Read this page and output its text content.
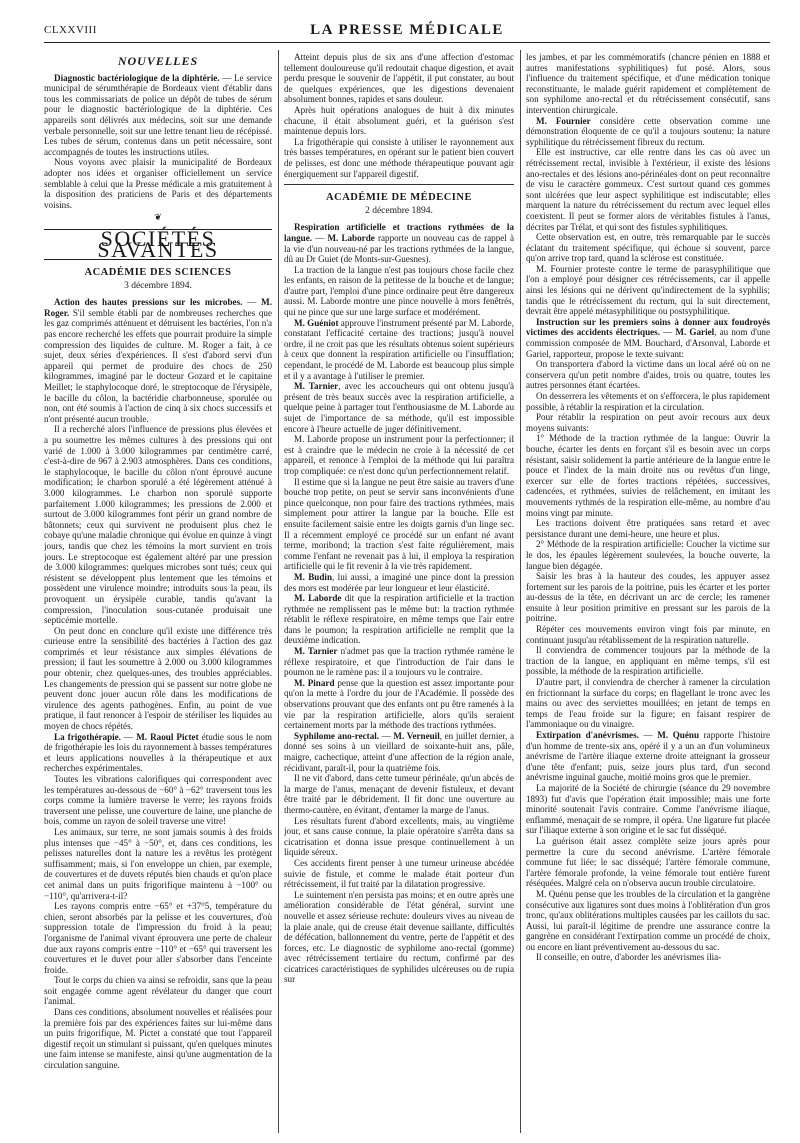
CLXXVIII	LA PRESSE MÉDICALE
NOUVELLES

Diagnostic bactériologique de la diphtérie. — Le service municipal de sérumthérapie de Bordeaux vient d'établir dans tous les commissariats de police un dépôt de tubes de sérum pour le diagnostic bactériologique de la diphtérie. Ces appareils sont délivrés aux médecins, soit sur une demande verbale personnelle, soit sur une lettre tenant lieu de récépissé. Les tubes de sérum, contenus dans un petit nécessaire, sont accompagnés de toutes les instructions utiles.

Nous voyons avec plaisir la municipalité de Bordeaux adopter nos idées et organiser officiellement un service semblable à celui que la Presse médicale a mis gratuitement à la disposition des praticiens de Paris et des départements voisins.

❦
SOCIÉTÉS SAVANTES
ACADÉMIE DES SCIENCES
3 décembre 1894.

Action des hautes pressions sur les microbes. — M. Roger. S'il semble établi par de nombreuses recherches que les gaz comprimés atténuent et détruisent les bactéries, l'on n'a pas encore recherché les effets que pourrait produire la simple compression des liquides de culture. M. Roger a fait, à ce sujet, deux séries d'expériences. Il s'est d'abord servi d'un appareil qui permet de produire des chocs de 250 kilogrammes, imaginé par le docteur Gozard et le capitaine Meillet; le staphylocoque doré, le streptocoque de l'érysipèle, le bacille du côlon, la bactéridie charbonneuse, sporulée ou non, ont été soumis à l'action de cinq à six chocs successifs et n'ont présenté aucun trouble.

Il a recherché alors l'influence de pressions plus élevées et a pu soumettre les mêmes cultures à des pressions qui ont varié de 1.000 à 3.000 kilogrammes par centimètre carré, c'est-à-dire de 967 à 2.903 atmosphères. Dans ces conditions, le staphylocoque, le bacille du côlon n'ont éprouvé aucune modification; le charbon sporulé a été légèrement atténué à 3.000 kilogrammes. Le charbon non sporulé supporte parfaitement 1.000 kilogrammes; les pressions de 2.000 et surtout de 3.000 kilogrammes font périr un grand nombre de bâtonnets; ceux qui survivent ne produisent plus chez le cobaye qu'une maladie chronique qui évolue en quinze à vingt jours, tandis que chez les témoins la mort survient en trois jours. Le streptocoque est également altéré par une pression de 3.000 kilogrammes: quelques microbes sont tués; ceux qui résistent se développent plus lentement que les témoins et possèdent une virulence moindre; introduits sous la peau, ils provoquent un érysipèle curable, tandis qu'avant la compression, l'inoculation sous-cutanée produisait une septicémie mortelle.

On peut donc en conclure qu'il existe une différence très curieuse entre la sensibilité des bactéries à l'action des gaz comprimés et leur résistance aux simples élévations de pression; il faut les soumettre à 2.000 ou 3.000 kilogrammes pour obtenir, chez quelques-unes, des troubles appréciables. Les changements de pression qui se passent sur notre globe ne peuvent donc jouer aucun rôle dans les modifications de virulence des agents pathogènes. Enfin, au point de vue pratique, il faut renoncer à l'espoir de stériliser les liquides au moyen de chocs répétés.

La frigothérapie. — M. Raoul Pictet étudie sous le nom de frigothérapie les lois du rayonnement à basses températures et leurs applications nouvelles à la thérapeutique et aux recherches expérimentales.

Toutes les vibrations calorifiques qui correspondent avec les températures au-dessous de −60° à −62° traversent tous les corps comme la lumière traverse le verre; les rayons froids traversent une pelisse, une couverture de laine, une planche de bois, comme un rayon de soleil traverse une vitre!

Les animaux, sur terre, ne sont jamais soumis à des froids plus intenses que −45° à −50°, et, dans ces conditions, les pelisses naturelles dont la nature les a revêtus les protègent suffisamment; mais, si l'on enveloppe un chien, par exemple, de couvertures et de duvets réputés bien chauds et qu'on place cet animal dans un puits frigorifique maintenu à −100° ou −110°, qu'arrivera-t-il?

Les rayons compris entre −65° et +37°5, température du chien, seront absorbés par la pelisse et les couvertures, d'où suppression totale de l'impression du froid à la peau; l'organisme de l'animal vivant éprouvera une perte de chaleur due aux rayons compris entre −110° et −65° qui traversent les couvertures et le duvet pour aller s'absorber dans l'enceinte froide.

Tout le corps du chien va ainsi se refroidir, sans que la peau soit engagée comme agent révélateur du danger que court l'animal.

Dans ces conditions, absolument nouvelles et réalisées pour la première fois par des expériences faites sur lui-même dans un puits frigorifique, M. Pictet a constaté que tout l'appareil digestif reçoit un stimulant si puissant, qu'en quelques minutes une faim intense se manifeste, ainsi qu'une augmentation de la circulation sanguine.

Atteint depuis plus de six ans d'une affection d'estomac tellement douloureuse qu'il redoutait chaque digestion, et avait perdu presque le souvenir de l'appétit, il put constater, au bout de quelques expériences, que les digestions devenaient absolument bonnes, rapides et sans douleur.

Après huit opérations analogues de huit à dix minutes chacune, il était absolument guéri, et la guérison s'est maintenue depuis lors.

La frigothérapie qui consiste à utiliser le rayonnement aux très basses températures, en opérant sur le patient bien couvert de pelisses, est donc une méthode thérapeutique pouvant agir énergiquement sur l'appareil digestif.

ACADÉMIE DE MÉDECINE
2 décembre 1894.

Respiration artificielle et tractions rythmées de la langue. — M. Laborde rapporte un nouveau cas de rappel à la vie d'un nouveau-né par les tractions rythmées de la langue, dû au Dr Guiet (de Monts-sur-Guesnes).

La traction de la langue n'est pas toujours chose facile chez les enfants, en raison de la petitesse de la bouche et de langue; d'autre part, l'emploi d'une pince ordinaire peut être dangereux aussi. M. Laborde montre une pince nouvelle à mors fenêtrés, qui ne pince que sur une large surface et modérément.

M. Guéniot approuve l'instrument présenté par M. Laborde, constatant l'efficacité certaine des tractions; jusqu'à nouvel ordre, il ne croit pas que les résultats obtenus soient supérieurs à ceux que donnent la respiration artificielle ou l'insufflation; cependant, le procédé de M. Laborde est beaucoup plus simple et il y a avantage à l'utiliser le premier.

M. Tarnier, avec les accoucheurs qui ont obtenu jusqu'à présent de très beaux succès avec la respiration artificielle, a quelque peine à partager tout l'enthousiasme de M. Laborde au sujet de l'importance de sa méthode, qu'il est impossible encore à l'heure actuelle de juger définitivement.

M. Laborde propose un instrument pour la perfectionner; il est à craindre que le médecin ne croie à la nécessité de cet appareil, et renonce à l'emploi de la méthode qui lui paraîtra trop compliquée: ce n'est donc qu'un perfectionnement relatif.

Il estime que si la langue ne peut être saisie au travers d'une bouche trop petite, on peut se servir sans inconvénients d'une pince quelconque, non pour faire des tractions rythmées, mais simplement pour attirer la langue par la bouche. Elle est ensuite facilement saisie entre les doigts garnis d'un linge sec. Il a récemment employé ce procédé sur un enfant né avant terme, moribond; la traction s'est faite régulièrement, mais comme l'enfant ne revenait pas à lui, il employa la respiration artificielle qui le fit revenir à la vie très rapidement.

M. Budin, lui aussi, a imaginé une pince dont la pression des mors est modérée par leur longueur et leur élasticité.

M. Laborde dit que la respiration artificielle et la traction rythmée ne remplissent pas le même but: la traction rythmée rétablit le réflexe respiratoire, en même temps que l'air entre dans le poumon; la respiration artificielle ne remplit que la deuxième indication.

M. Tarnier n'admet pas que la traction rythmée ramène le réflexe respiratoire, et que l'introduction de l'air dans le poumon ne le ramène pas: il a toujours vu le contraire.

M. Pinard pense que la question est assez importante pour qu'on la mette à l'ordre du jour de l'Académie. Il possède des observations prouvant que des enfants ont pu être ramenés à la vie par la respiration artificielle, alors qu'ils seraient certainement morts par la méthode des tractions rythmées.

Syphilome ano-rectal. — M. Verneuil, en juillet dernier, a donné ses soins à un vieillard de soixante-huit ans, pâle, maigre, cachectique, atteint d'une affection de la région anale, récidivant, paraît-il, pour la quatrième fois.

Il ne vit d'abord, dans cette tumeur périnéale, qu'un abcès de la marge de l'anus, menaçant de devenir fistuleux, et devant être traité par le débridement. Il fit donc une ouverture au thermo-cautère, en évitant, d'entamer la marge de l'anus.

Les résultats furent d'abord excellents, mais, au vingtième jour, et sans cause connue, la plaie opératoire s'arrêta dans sa cicatrisation et donna issue presque continuellement à un liquide séreux.

Ces accidents firent penser à une tumeur urineuse abcédée suivie de fistule, et comme le malade était porteur d'un rétrécissement, il fut traité par la dilatation progressive.

Le suintement n'en persista pas moins; et en outre après une amélioration considérable de l'état général, survint une nouvelle et assez sérieuse rechute: douleurs vives au niveau de la plaie anale, qui de creuse était devenue saillante, difficultés de défécation, ballonnement du ventre, perte de l'appétit et des forces, etc. Le diagnostic de syphilome ano-rectal (gomme) avec rétrécissement tertiaire du rectum, confirmé par des cicatrices caractéristiques de syphilides ulcéreuses ou de rupia sur

les jambes, et par les commémoratifs (chancre pénien en 1888 et autres manifestations syphilitiques) fut posé. Alors, sous l'influence du traitement spécifique, et d'une médication tonique reconstituante, le malade guérit rapidement et complètement de son syphilome ano-rectal et du rétrécissement consécutif, sans intervention chirurgicale.

M. Fournier considère cette observation comme une démonstration éloquente de ce qu'il a toujours soutenu: la nature syphilitique du rétrécissement fibreux du rectum.

Elle est instructive, car elle rentre dans les cas où avec un rétrécissement rectal, invisible à l'extérieur, il existe des lésions ano-rectales et des lésions ano-périnéales dont on peut reconnaître de visu le caractère gommeux. C'est surtout quand ces gommes sont ulcérées que leur aspect syphilitique est indiscutable; elles marquent la nature du rétrécissement du rectum avec lequel elles coexistent. Il peut se former alors de véritables fistules à l'anus, décrites par Trélat, et qui sont des fistules syphilitiques.

Cette observation est, en outre, très remarquable par le succès éclatant du traitement spécifique, qui échoue si souvent, parce qu'on arrive trop tard, quand la sclérose est constituée.

M. Fournier proteste contre le terme de parasyphilitique que l'on a employé pour désigner ces rétrécissements, car il appelle ainsi les lésions qui ne dérivent qu'indirectement de la syphilis; tandis que le rétrécissement du rectum, qui la suit directement, devrait être appelé métasyphilitique ou postsyphilitique.

Instruction sur les premiers soins à donner aux foudroyés victimes des accidents électriques. — M. Gariel, au nom d'une commission composée de MM. Bouchard, d'Arsonval, Laborde et Gariel, rapporteur, propose le texte suivant:

On transportera d'abord la victime dans un local aéré où on ne conservera qu'un petit nombre d'aides, trois ou quatre, toutes les autres personnes étant écartées.

On desserrera les vêtements et on s'efforcera, le plus rapidement possible, à rétablir la respiration et la circulation.

Pour rétablir la respiration on peut avoir recours aux deux moyens suivants:

1° Méthode de la traction rythmée de la langue: Ouvrir la bouche, écarter les dents en forçant s'il es besoin avec un corps résistant, saisir solidement la partie antérieure de la langue entre le pouce et l'index de la main droite nus ou revêtus d'un linge, exercer sur elle de fortes tractions répétées, successives, cadencées, et rythmées, suivies de relâchement, en imitant les mouvements rythmés de la respiration elle-même, au nombre d'au moins vingt par minute.

Les tractions doivent être pratiquées sans retard et avec persistance durant une demi-heure, une heure et plus.

2° Méthode de la respiration artificielle: Coucher la victime sur le dos, les épaules légèrement soulevées, la bouche ouverte, la langue bien dégagée.

Saisir les bras à la hauteur des coudes, les appuyer assez fortement sur les parois de la poitrine, puis les écarter et les porter au-dessus de la tête, en décrivant un arc de cercle; les ramener ensuite à leur position primitive en pressant sur les parois de la poitrine.

Répéter ces mouvements environ vingt fois par minute, en continuant jusqu'au rétablissement de la respiration naturelle.

Il conviendra de commencer toujours par la méthode de la traction de la langue, en appliquant en même temps, s'il est possible, la méthode de la respiration artificielle.

D'autre part, il conviendra de chercher à ramener la circulation en frictionnant la surface du corps; en flagellant le tronc avec les mains ou avec des serviettes mouillées; en jetant de temps en temps de l'eau froide sur la figure; en faisant respirer de l'ammoniaque ou du vinaigre.

Extirpation d'anévrismes. — M. Quénu rapporte l'histoire d'un homme de trente-six ans, opéré il y a un an d'un volumineux anévrisme de l'artère iliaque externe droite atteignant la grosseur d'une tête d'enfant; puis, seize jours plus tard, d'un second anévrisme inguinal gauche, moitié moins gros que le premier.

La majorité de la Société de chirurgie (séance du 29 novembre 1893) fut d'avis que l'opération était impossible; mais une forte minorité soutenait l'avis contraire. Comme l'anévrisme iliaque, enflammé, menaçait de se rompre, il opéra. Une ligature fut placée sur l'iliaque externe à son origine et le sac fut disséqué.

La guérison était assez complète seize jours après pour permettre la cure du second anévrisme. L'artère fémorale commune fut liée; le sac disséqué; l'artère fémorale commune, l'artère fémorale profonde, la veine fémorale tout entière furent réséquées. Malgré cela on n'observa aucun trouble circulatoire.

M. Quénu pense que les troubles de la circulation et la gangrène consécutive aux ligatures sont dues moins à l'oblitération d'un gros tronc, qu'aux oblitérations multiples causées par les caillots du sac. Aussi, lui paraît-il légitime de prendre une assurance contre la gangrène en considérant l'extirpation comme un procédé de choix, ou encore en liant préventivement au-dessous du sac.

Il conseille, en outre, d'aborder les anévrismes ilia-
